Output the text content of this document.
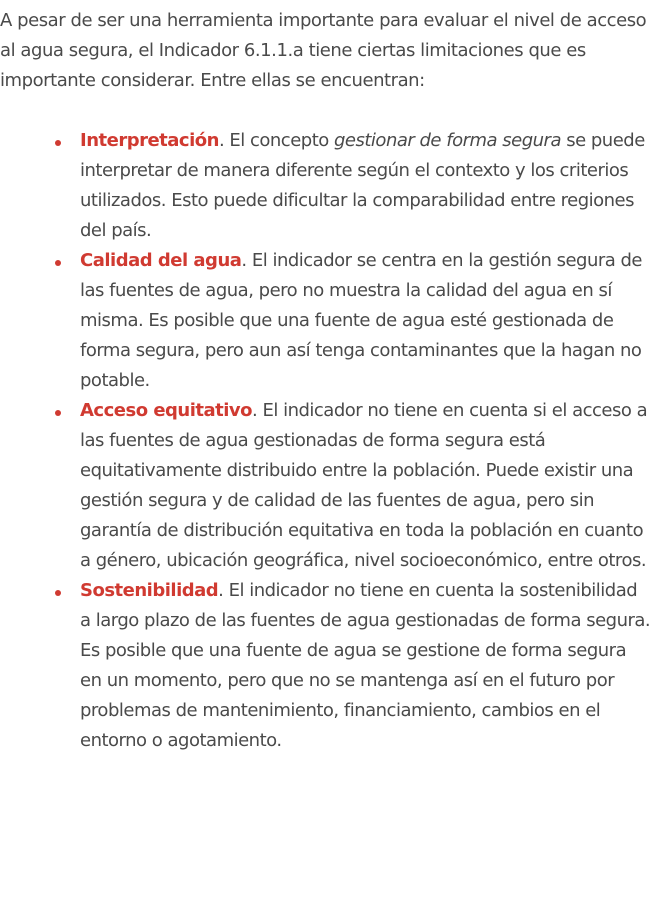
A pesar de ser una herramienta importante para evaluar el nivel de acceso al agua segura, el Indicador 6.1.1.a tiene ciertas limitaciones que es importante considerar. Entre ellas se encuentran:

Interpretación. El concepto gestionar de forma segura se puede interpretar de manera diferente según el contexto y los criterios utilizados. Esto puede dificultar la comparabilidad entre regiones del país.
Calidad del agua. El indicador se centra en la gestión segura de las fuentes de agua, pero no muestra la calidad del agua en sí misma. Es posible que una fuente de agua esté gestionada de forma segura, pero aun así tenga contaminantes que la hagan no potable.
Acceso equitativo. El indicador no tiene en cuenta si el acceso a las fuentes de agua gestionadas de forma segura está equitativamente distribuido entre la población. Puede existir una gestión segura y de calidad de las fuentes de agua, pero sin garantía de distribución equitativa en toda la población en cuanto a género, ubicación geográfica, nivel socioeconómico, entre otros.
Sostenibilidad. El indicador no tiene en cuenta la sostenibilidad a largo plazo de las fuentes de agua gestionadas de forma segura. Es posible que una fuente de agua se gestione de forma segura en un momento, pero que no se mantenga así en el futuro por problemas de mantenimiento, financiamiento, cambios en el entorno o agotamiento.
